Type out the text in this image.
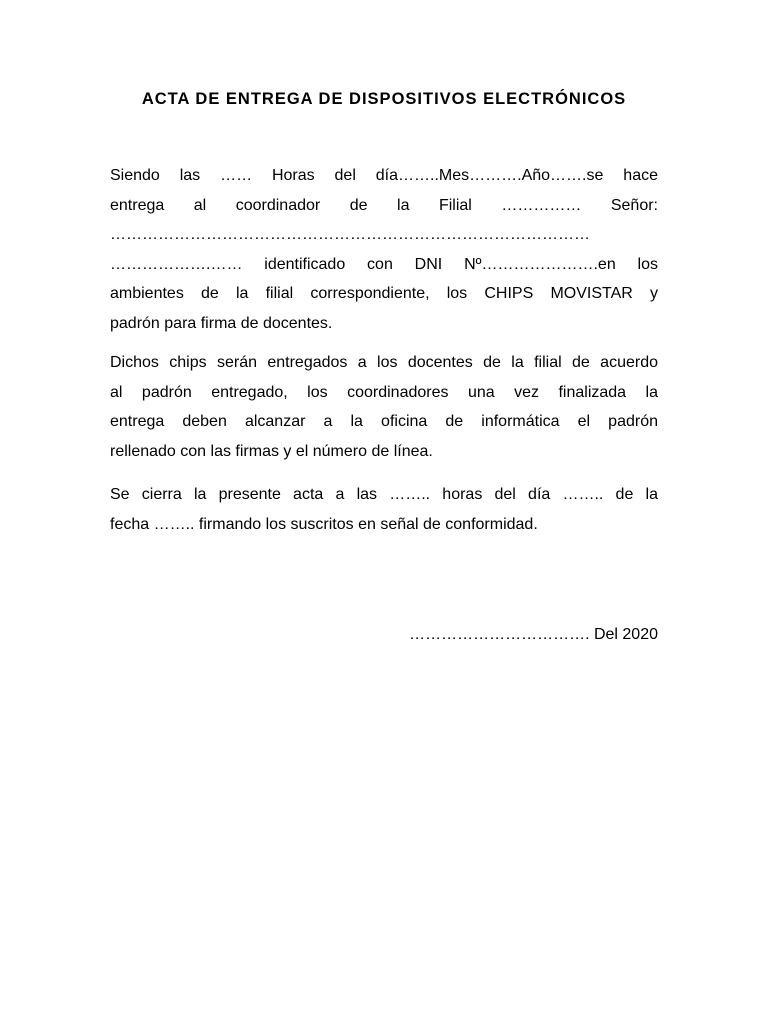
ACTA DE ENTREGA DE DISPOSITIVOS ELECTRÓNICOS
Siendo las …… Horas del día……..Mes……….Año…….se hace
entrega al coordinador de la Filial …………… Señor:
………………………………………………………………………………
……………….…… identificado con DNI Nº………………….en los
ambientes de la filial correspondiente, los CHIPS MOVISTAR y
padrón para firma de docentes.
Dichos chips serán entregados a los docentes de la filial de acuerdo
al padrón entregado, los coordinadores una vez finalizada la
entrega deben alcanzar a la oficina de informática el padrón
rellenado con las firmas y el número de línea.
Se cierra la presente acta a las …….. horas del día …….. de la
fecha …….. firmando los suscritos en señal de conformidad.
……………………………. Del 2020
